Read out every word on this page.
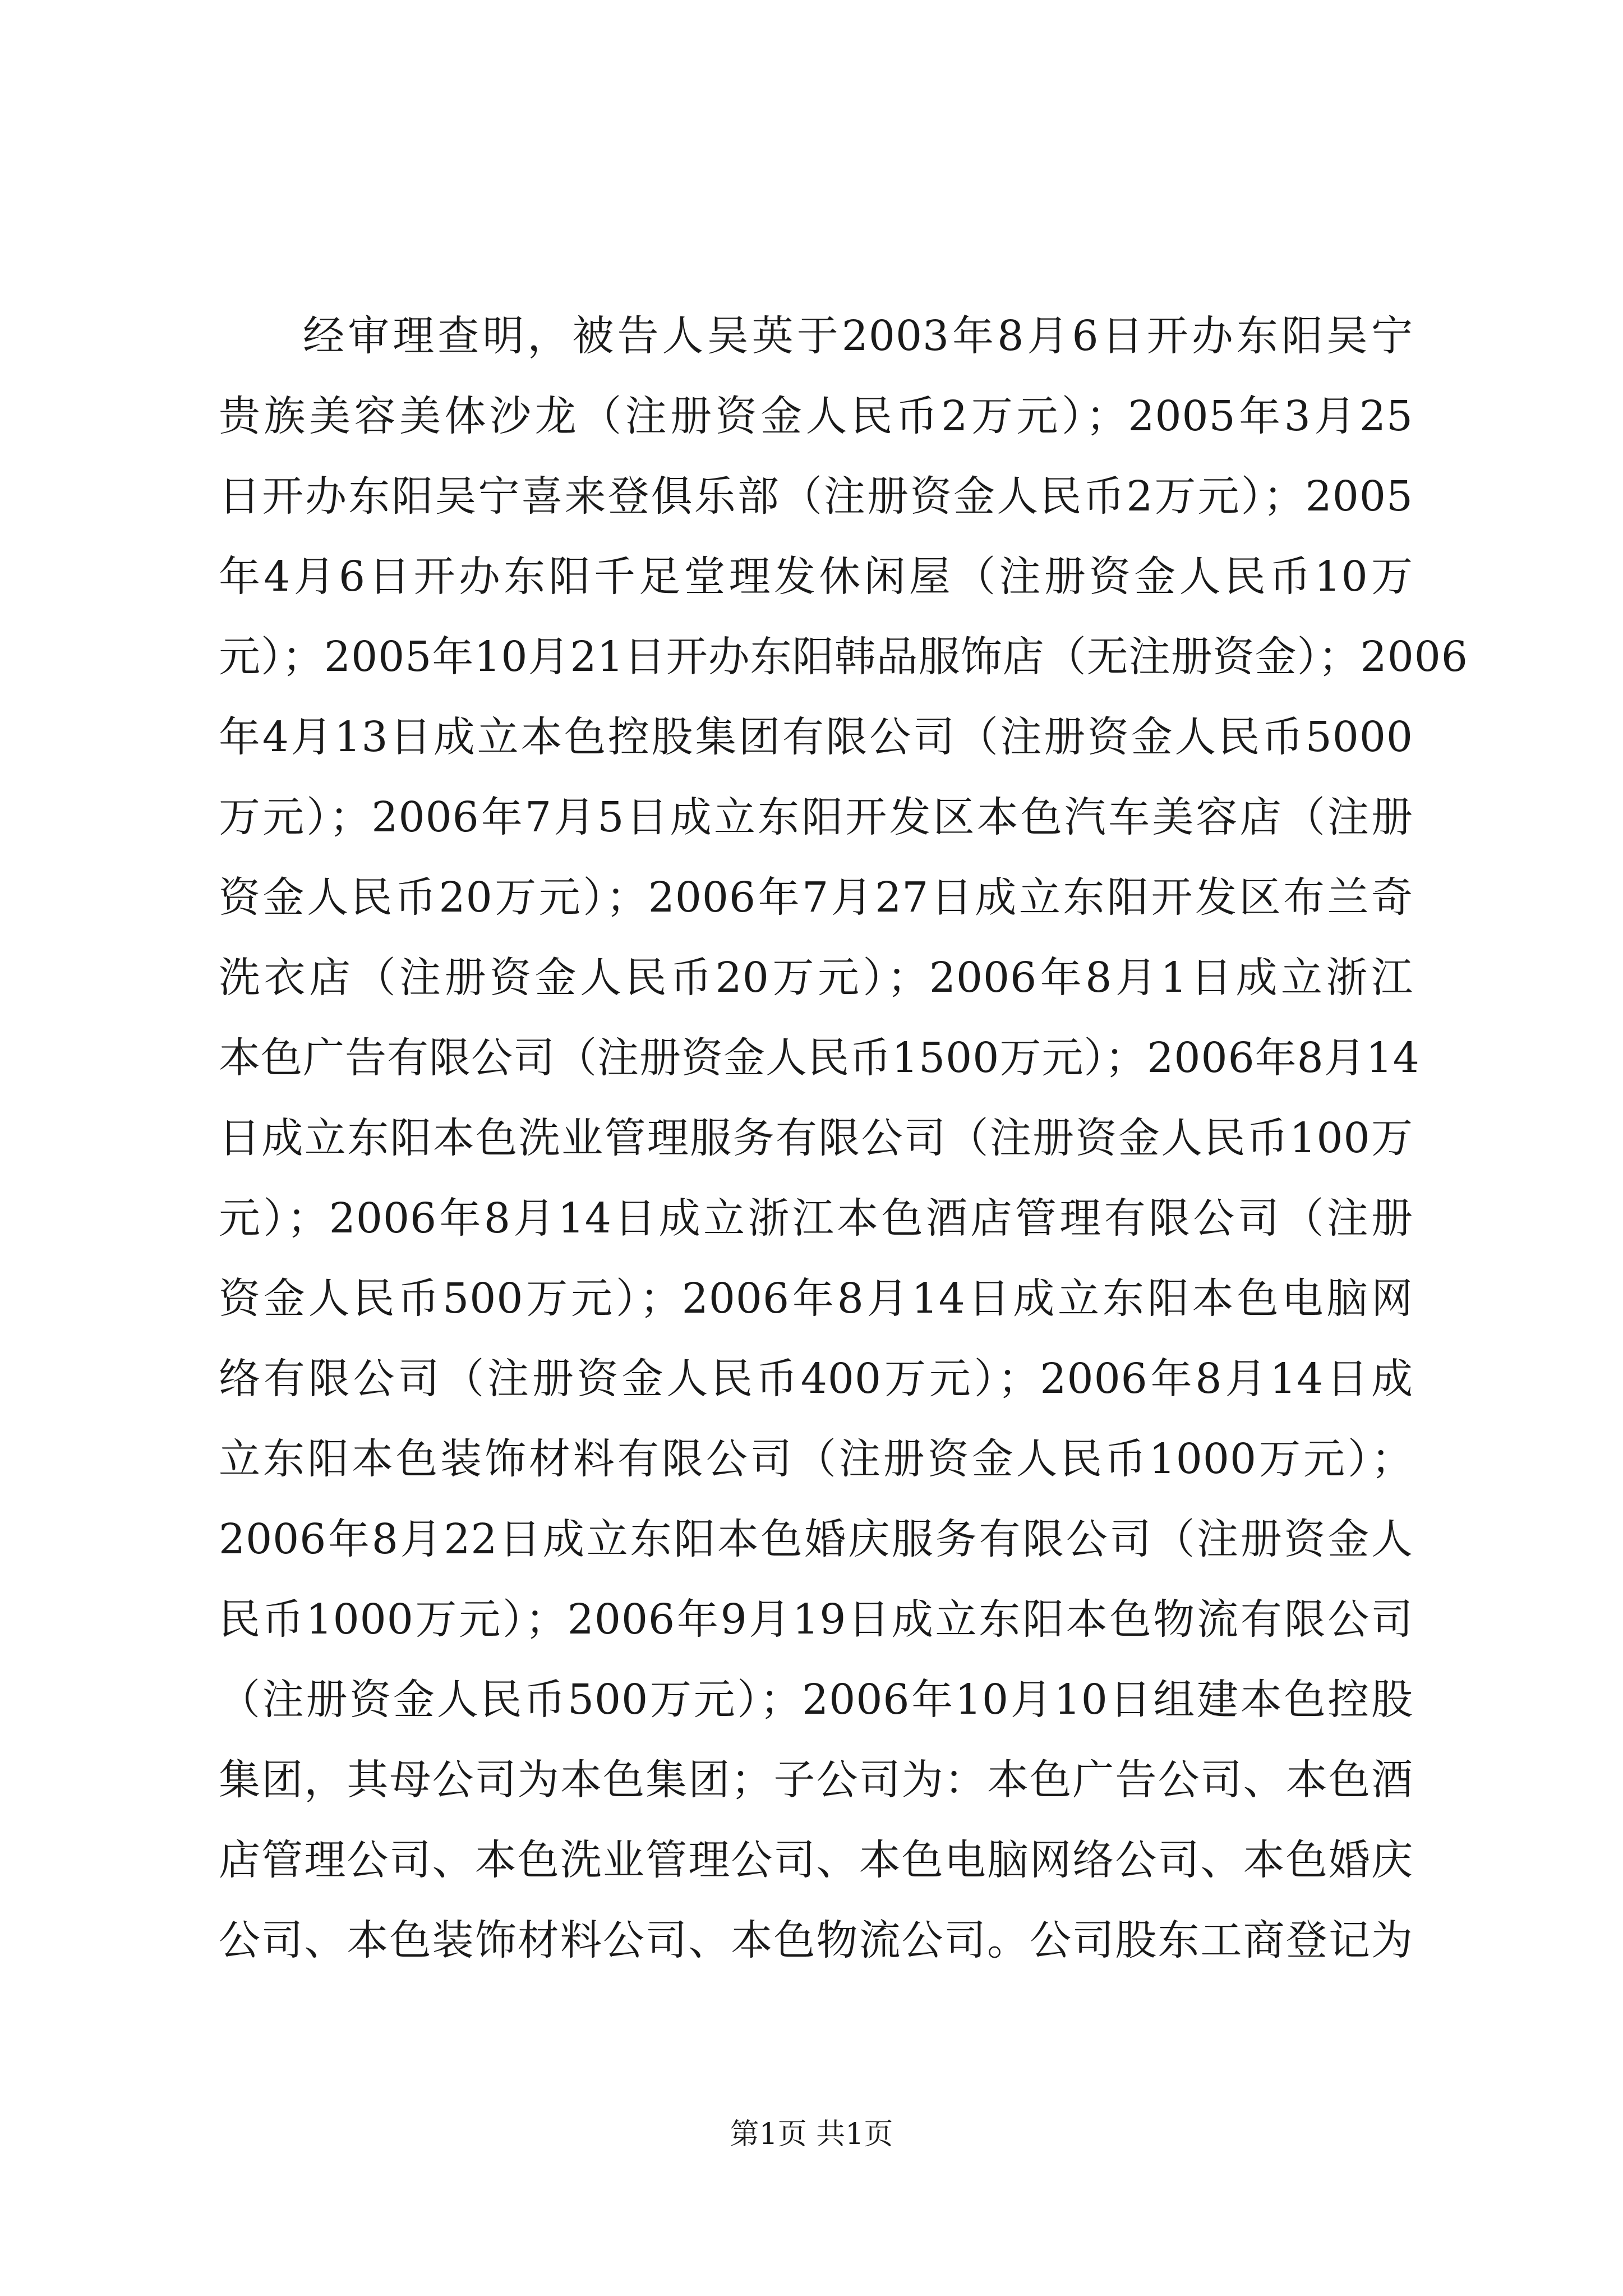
经审理查明，被告人吴英于2003年8月6日开办东阳吴宁
贵族美容美体沙龙（注册资金人民币2万元）；2005年3月25
日开办东阳吴宁喜来登俱乐部（注册资金人民币2万元）；2005
年4月6日开办东阳千足堂理发休闲屋（注册资金人民币10万
元）；2005年10月21日开办东阳韩品服饰店（无注册资金）；2006
年4月13日成立本色控股集团有限公司（注册资金人民币5000
万元）；2006年7月5日成立东阳开发区本色汽车美容店（注册
资金人民币20万元）；2006年7月27日成立东阳开发区布兰奇
洗衣店（注册资金人民币20万元）；2006年8月1日成立浙江
本色广告有限公司（注册资金人民币1500万元）；2006年8月14
日成立东阳本色洗业管理服务有限公司（注册资金人民币100万
元）；2006年8月14日成立浙江本色酒店管理有限公司（注册
资金人民币500万元）；2006年8月14日成立东阳本色电脑网
络有限公司（注册资金人民币400万元）；2006年8月14日成
立东阳本色装饰材料有限公司（注册资金人民币1000万元）；
2006年8月22日成立东阳本色婚庆服务有限公司（注册资金人
民币1000万元）；2006年9月19日成立东阳本色物流有限公司
（注册资金人民币500万元）；2006年10月10日组建本色控股
集团，其母公司为本色集团；子公司为：本色广告公司、本色酒
店管理公司、本色洗业管理公司、本色电脑网络公司、本色婚庆
公司、本色装饰材料公司、本色物流公司。公司股东工商登记为
第1页 共1页
